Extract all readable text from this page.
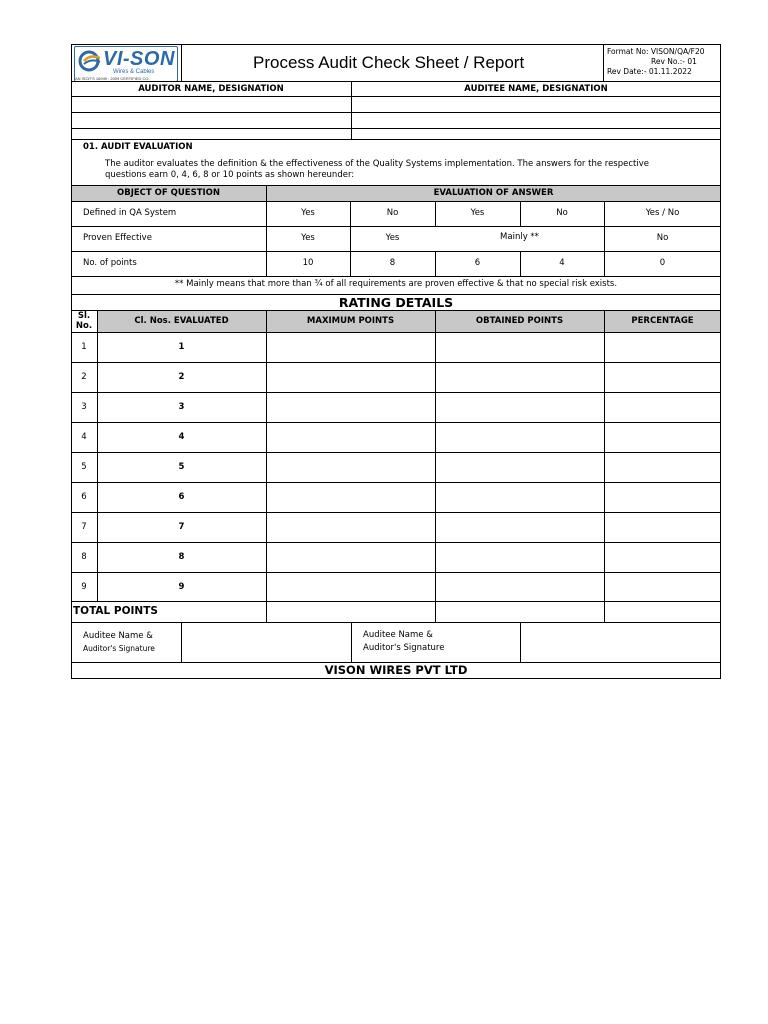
VI-SON
Wires & Cables
AN ISO/TS 16949 : 2009 CERTIFIED CO.
Process Audit Check Sheet / Report
Format No: VISON/QA/F20
Rev No.:- 01
Rev Date:- 01.11.2022
AUDITOR NAME, DESIGNATION	AUDITEE NAME, DESIGNATION
01. AUDIT EVALUATION
The auditor evaluates the definition & the effectiveness of the Quality Systems implementation. The answers for the respective
questions earn 0, 4, 6, 8 or 10 points as shown hereunder:
OBJECT OF QUESTION	EVALUATION OF ANSWER
Defined in QA System	Yes	No	Yes	No	Yes / No
Proven Effective	Yes	Yes	Mainly **	No
No. of points	10	8	6	4	0
** Mainly means that more than ¾ of all requirements are proven effective & that no special risk exists.
RATING DETAILS
Sl.
No.	Cl. Nos. EVALUATED	MAXIMUM POINTS	OBTAINED POINTS	PERCENTAGE
1	1
2	2
3	3
4	4
5	5
6	6
7	7
8	8
9	9
TOTAL POINTS
Auditee Name &
Auditor's Signature
Auditee Name &
Auditor's Signature
VISON WIRES PVT LTD
